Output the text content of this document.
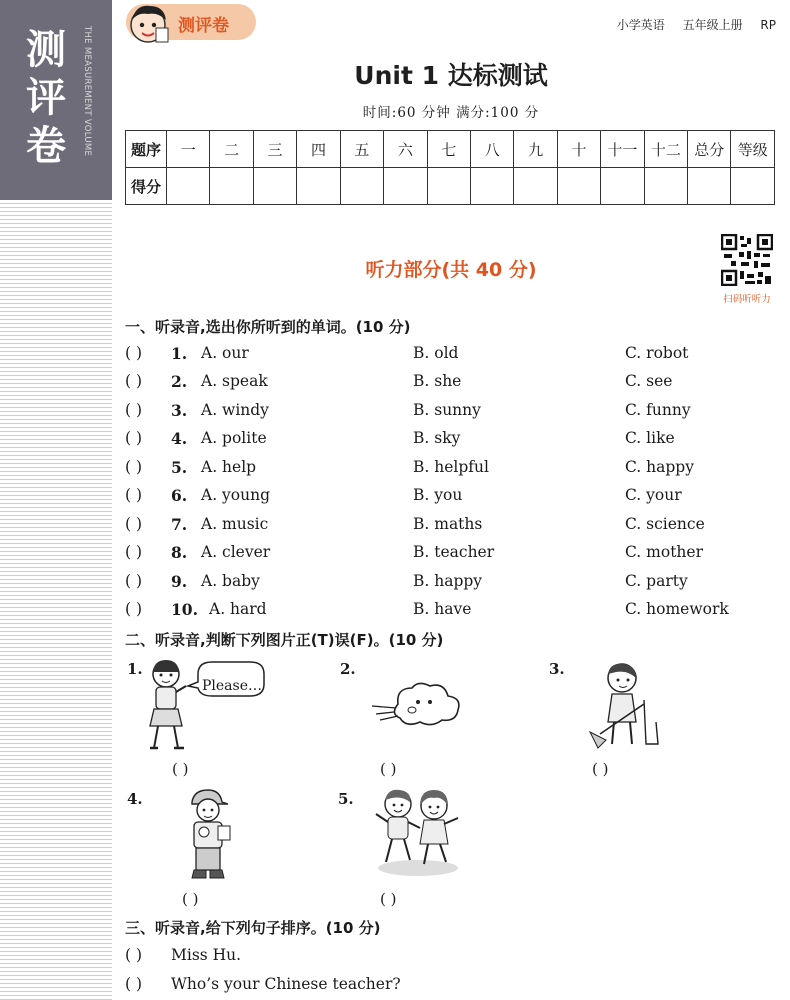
测评卷	THE MEASUREMENT VOLUME	测评卷	小学英语 五年级上册 RP
Unit 1 达标测试
时间:60 分钟 满分:100 分
题序	一	二	三	四	五	六	七	八	九	十	十一	十二	总分	等级
得分														
扫码听听力
听力部分(共 40 分)
一、听录音,选出你所听到的单词。(10 分)
( ) 1. A. our	B. old	C. robot
( ) 2. A. speak	B. she	C. see
( ) 3. A. windy	B. sunny	C. funny
( ) 4. A. polite	B. sky	C. like
( ) 5. A. help	B. helpful	C. happy
( ) 6. A. young	B. you	C. your
( ) 7. A. music	B. maths	C. science
( ) 8. A. clever	B. teacher	C. mother
( ) 9. A. baby	B. happy	C. party
( ) 10. A. hard	B. have	C. homework
二、听录音,判断下列图片正(T)误(F)。(10 分)
1.
Please…
( )
2.
( )
3.
( )
4.
( )
5.
( )
三、听录音,给下列句子排序。(10 分)
( ) Miss Hu.
( ) Who’s your Chinese teacher?
